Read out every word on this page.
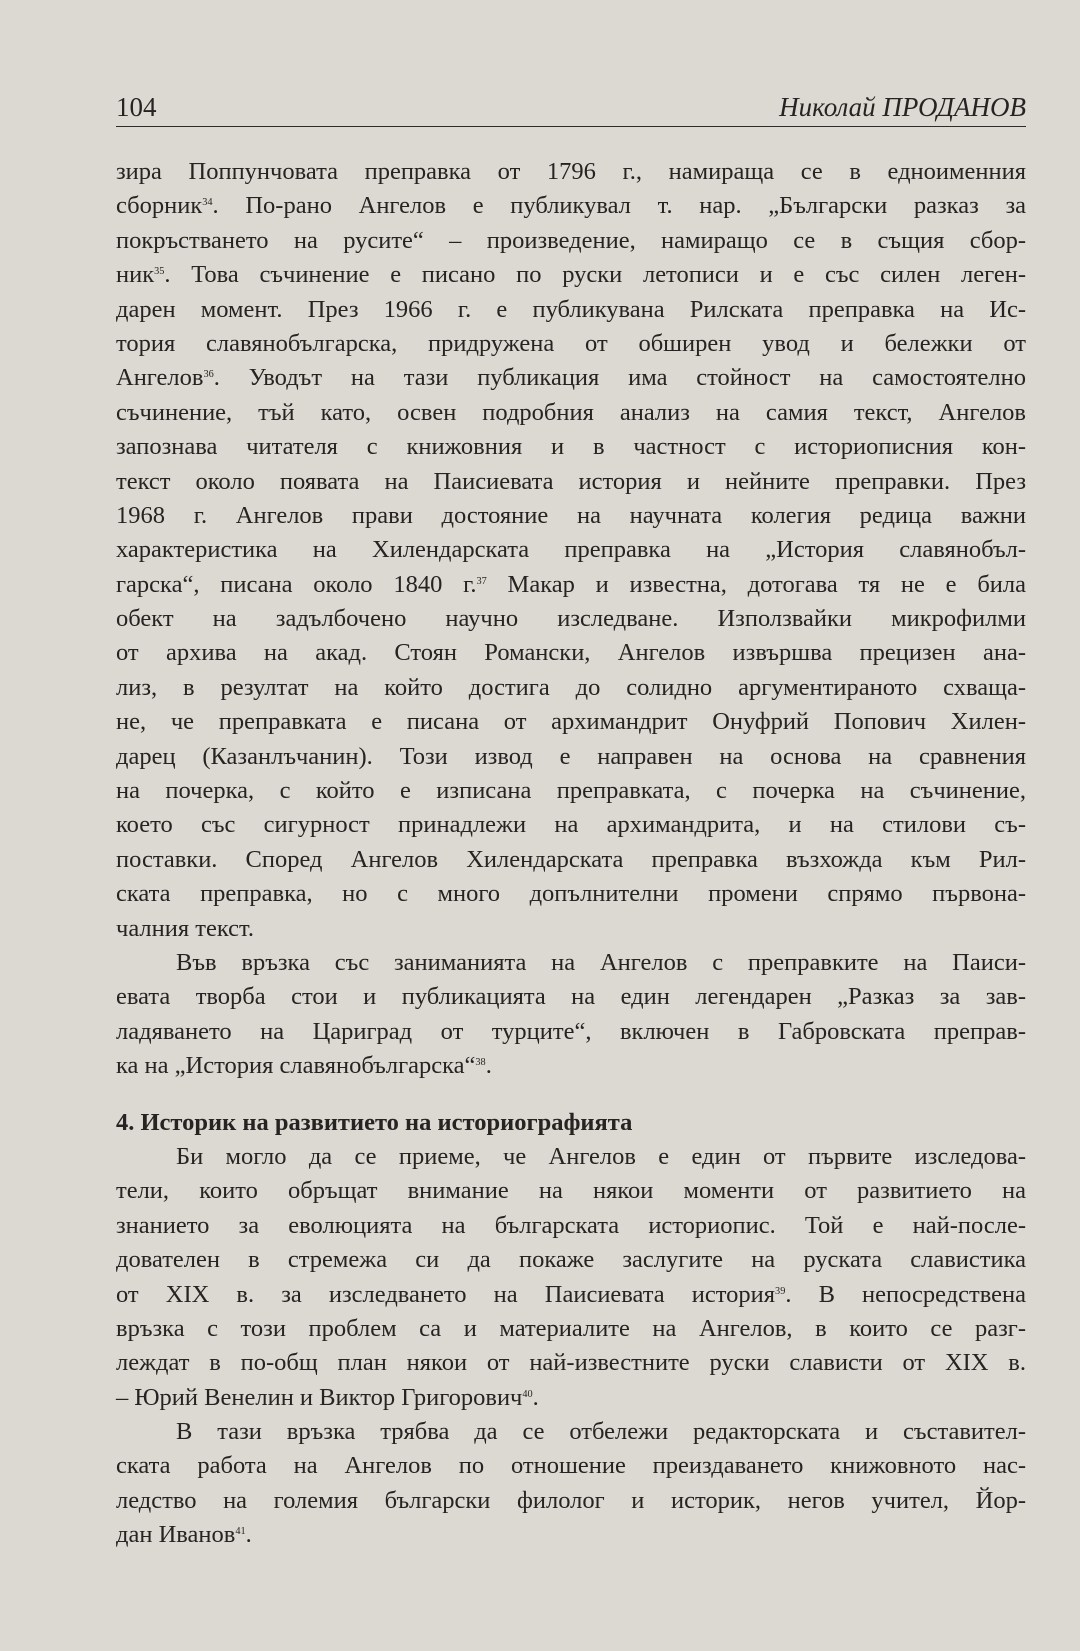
104	Николай ПРОДАНОВ
зира Поппунчовата преправка от 1796 г., намираща се в едноименния
сборник$^{34}$. По-рано Ангелов е публикувал т. нар. „Български разказ за
покръстването на русите“ – произведение, намиращо се в същия сбор-
ник$^{35}$. Това съчинение е писано по руски летописи и е със силен леген-
дарен момент. През 1966 г. е публикувана Рилската преправка на Ис-
тория славянобългарска, придружена от обширен увод и бележки от
Ангелов$^{36}$. Уводът на тази публикация има стойност на самостоятелно
съчинение, тъй като, освен подробния анализ на самия текст, Ангелов
запознава читателя с книжовния и в частност с историописния кон-
текст около появата на Паисиевата история и нейните преправки. През
1968 г. Ангелов прави достояние на научната колегия редица важни
характеристика на Хилендарската преправка на „История славянобъл-
гарска“, писана около 1840 г.$^{37}$ Макар и известна, дотогава тя не е била
обект на задълбочено научно изследване. Използвайки микрофилми
от архива на акад. Стоян Романски, Ангелов извършва прецизен ана-
лиз, в резултат на който достига до солидно аргументираното схваща-
не, че преправката е писана от архимандрит Онуфрий Попович Хилен-
дарец (Казанлъчанин). Този извод е направен на основа на сравнения
на почерка, с който е изписана преправката, с почерка на съчинение,
което със сигурност принадлежи на архимандрита, и на стилови съ-
поставки. Според Ангелов Хилендарската преправка възхожда към Рил-
ската преправка, но с много допълнителни промени спрямо първона-
чалния текст.
Във връзка със заниманията на Ангелов с преправките на Паиси-
евата творба стои и публикацията на един легендарен „Разказ за зав-
ладяването на Цариград от турците“, включен в Габровската преправ-
ка на „История славянобългарска“$^{38}$.
4. Историк на развитието на историографията
Би могло да се приеме, че Ангелов е един от първите изследова-
тели, които обръщат внимание на някои моменти от развитието на
знанието за еволюцията на българската историопис. Той е най-после-
дователен в стремежа си да покаже заслугите на руската славистика
от XIX в. за изследването на Паисиевата история$^{39}$. В непосредствена
връзка с този проблем са и материалите на Ангелов, в които се разг-
леждат в по-общ план някои от най-известните руски слависти от XIX в.
– Юрий Венелин и Виктор Григорович$^{40}$.
В тази връзка трябва да се отбележи редакторската и съставител-
ската работа на Ангелов по отношение преиздаването книжовното нас-
ледство на големия български филолог и историк, негов учител, Йор-
дан Иванов$^{41}$.
